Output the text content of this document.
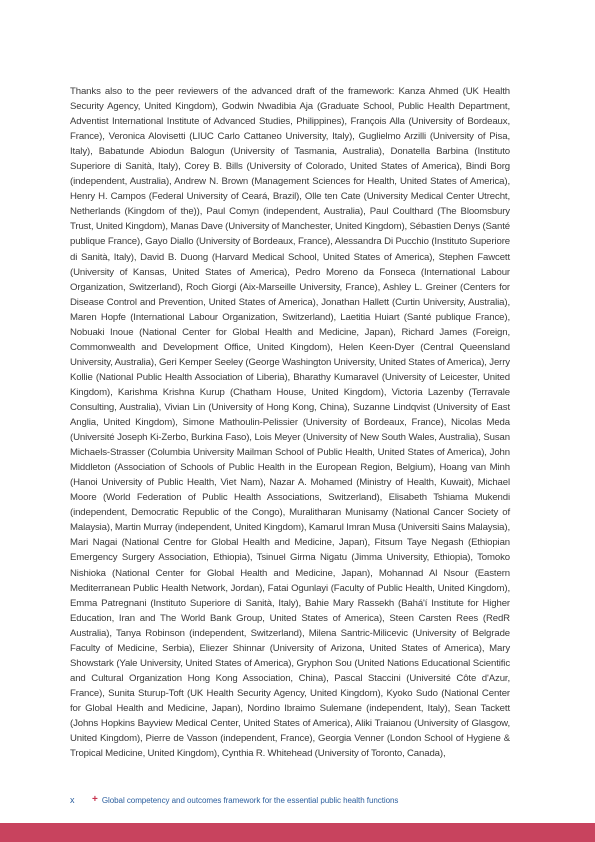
Thanks also to the peer reviewers of the advanced draft of the framework: Kanza Ahmed (UK Health Security Agency, United Kingdom), Godwin Nwadibia Aja (Graduate School, Public Health Department, Adventist International Institute of Advanced Studies, Philippines), François Alla (University of Bordeaux, France), Veronica Alovisetti (LIUC Carlo Cattaneo University, Italy), Guglielmo Arzilli (University of Pisa, Italy), Babatunde Abiodun Balogun (University of Tasmania, Australia), Donatella Barbina (Instituto Superiore di Sanità, Italy), Corey B. Bills (University of Colorado, United States of America), Bindi Borg (independent, Australia), Andrew N. Brown (Management Sciences for Health, United States of America), Henry H. Campos (Federal University of Ceará, Brazil), Olle ten Cate (University Medical Center Utrecht, Netherlands (Kingdom of the)), Paul Comyn (independent, Australia), Paul Coulthard (The Bloomsbury Trust, United Kingdom), Manas Dave (University of Manchester, United Kingdom), Sébastien Denys (Santé publique France), Gayo Diallo (University of Bordeaux, France), Alessandra Di Pucchio (Instituto Superiore di Sanità, Italy), David B. Duong (Harvard Medical School, United States of America), Stephen Fawcett (University of Kansas, United States of America), Pedro Moreno da Fonseca (International Labour Organization, Switzerland), Roch Giorgi (Aix-Marseille University, France), Ashley L. Greiner (Centers for Disease Control and Prevention, United States of America), Jonathan Hallett (Curtin University, Australia), Maren Hopfe (International Labour Organization, Switzerland), Laetitia Huiart (Santé publique France), Nobuaki Inoue (National Center for Global Health and Medicine, Japan), Richard James (Foreign, Commonwealth and Development Office, United Kingdom), Helen Keen-Dyer (Central Queensland University, Australia), Geri Kemper Seeley (George Washington University, United States of America), Jerry Kollie (National Public Health Association of Liberia), Bharathy Kumaravel (University of Leicester, United Kingdom), Karishma Krishna Kurup (Chatham House, United Kingdom), Victoria Lazenby (Terravale Consulting, Australia), Vivian Lin (University of Hong Kong, China), Suzanne Lindqvist (University of East Anglia, United Kingdom), Simone Mathoulin-Pelissier (University of Bordeaux, France), Nicolas Meda (Université Joseph Ki-Zerbo, Burkina Faso), Lois Meyer (University of New South Wales, Australia), Susan Michaels-Strasser (Columbia University Mailman School of Public Health, United States of America), John Middleton (Association of Schools of Public Health in the European Region, Belgium), Hoang van Minh (Hanoi University of Public Health, Viet Nam), Nazar A. Mohamed (Ministry of Health, Kuwait), Michael Moore (World Federation of Public Health Associations, Switzerland), Elisabeth Tshiama Mukendi (independent, Democratic Republic of the Congo), Muralitharan Munisamy (National Cancer Society of Malaysia), Martin Murray (independent, United Kingdom), Kamarul Imran Musa (Universiti Sains Malaysia), Mari Nagai (National Centre for Global Health and Medicine, Japan), Fitsum Taye Negash (Ethiopian Emergency Surgery Association, Ethiopia), Tsinuel Girma Nigatu (Jimma University, Ethiopia), Tomoko Nishioka (National Center for Global Health and Medicine, Japan), Mohannad Al Nsour (Eastern Mediterranean Public Health Network, Jordan), Fatai Ogunlayi (Faculty of Public Health, United Kingdom), Emma Patregnani (Instituto Superiore di Sanità, Italy), Bahie Mary Rassekh (Bahá'í Institute for Higher Education, Iran and The World Bank Group, United States of America), Steen Carsten Rees (RedR Australia), Tanya Robinson (independent, Switzerland), Milena Santric-Milicevic (University of Belgrade Faculty of Medicine, Serbia), Eliezer Shinnar (University of Arizona, United States of America), Mary Showstark (Yale University, United States of America), Gryphon Sou (United Nations Educational Scientific and Cultural Organization Hong Kong Association, China), Pascal Staccini (Université Côte d'Azur, France), Sunita Sturup-Toft (UK Health Security Agency, United Kingdom), Kyoko Sudo (National Center for Global Health and Medicine, Japan), Nordino Ibraimo Sulemane (independent, Italy), Sean Tackett (Johns Hopkins Bayview Medical Center, United States of America), Aliki Traianou (University of Glasgow, United Kingdom), Pierre de Vasson (independent, France), Georgia Venner (London School of Hygiene & Tropical Medicine, United Kingdom), Cynthia R. Whitehead (University of Toronto, Canada),

x	+ Global competency and outcomes framework for the essential public health functions
